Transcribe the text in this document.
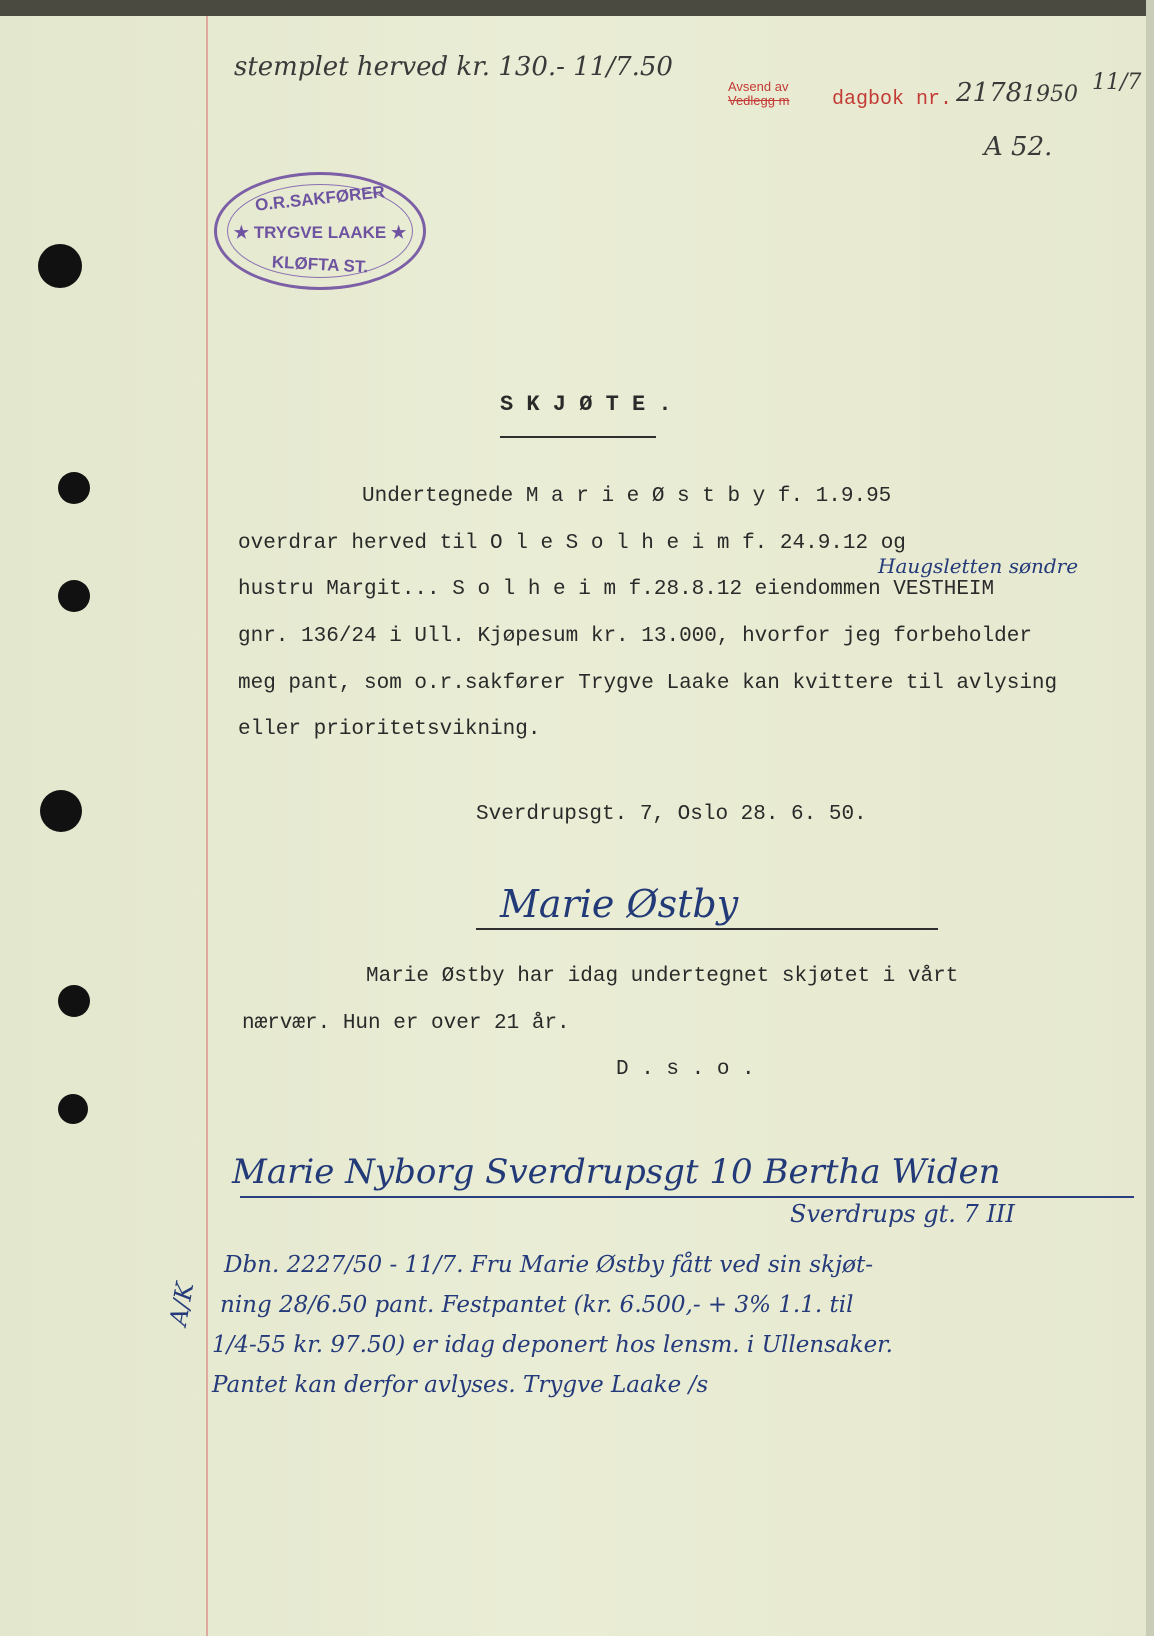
stemplet herved kr. 130.- 11/7.50
Avsend av
Vedlegg m dagbok nr. 2178 1950 11/7
A 52.
O.R.SAKFØRER
★ TRYGVE LAAKE ★
KLØFTA ST.
S K J Ø T E .
Undertegnede M a r i e Ø s t b y f. 1.9.95
overdrar herved til O l e S o l h e i m f. 24.9.12 og
Haugsletten søndre
hustru Margit... S o l h e i m f.28.8.12 eiendommen VESTHEIM
gnr. 136/24 i Ull. Kjøpesum kr. 13.000, hvorfor jeg forbeholder
meg pant, som o.r.sakfører Trygve Laake kan kvittere til avlysing
eller prioritetsvikning.
Sverdrupsgt. 7, Oslo 28. 6. 50.
Marie Østby
Marie Østby har idag undertegnet skjøtet i vårt
nærvær. Hun er over 21 år.
D . s . o .
Marie Nyborg Sverdrupsgt 10 Bertha Widen
Sverdrups gt. 7 III
A/K
Dbn. 2227/50 - 11/7. Fru Marie Østby fått ved sin skjøt-
ning 28/6.50 pant. Festpantet (kr. 6.500,- + 3% 1.1. til
1/4-55 kr. 97.50) er idag deponert hos lensm. i Ullensaker.
Pantet kan derfor avlyses. Trygve Laake /s
